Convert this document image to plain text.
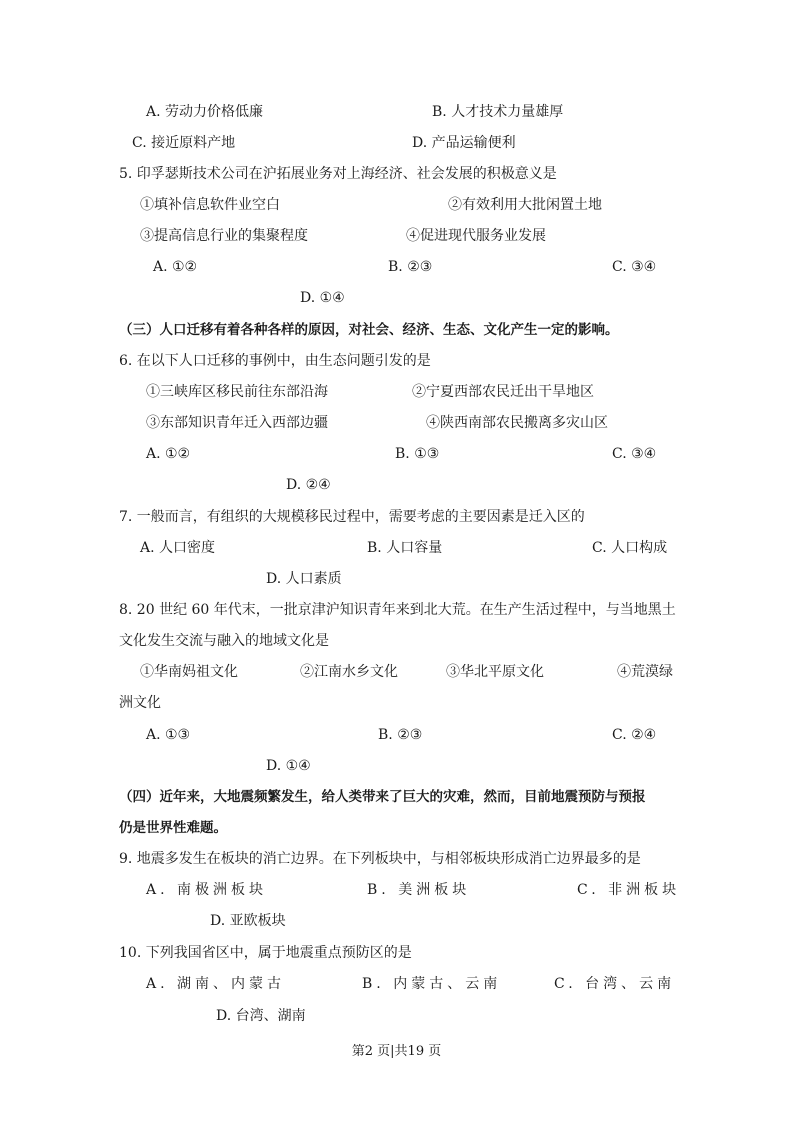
A. 劳动力价格低廉	B. 人才技术力量雄厚
C. 接近原料产地	D. 产品运输便利
5. 印孚瑟斯技术公司在沪拓展业务对上海经济、社会发展的积极意义是
①填补信息软件业空白	②有效利用大批闲置土地
③提高信息行业的集聚程度	④促进现代服务业发展
A. ①②	B. ②③	C. ③④
D. ①④
（三）人口迁移有着各种各样的原因，对社会、经济、生态、文化产生一定的影响。
6. 在以下人口迁移的事例中，由生态问题引发的是
①三峡库区移民前往东部沿海	②宁夏西部农民迁出干旱地区
③东部知识青年迁入西部边疆	④陕西南部农民搬离多灾山区
A. ①②	B. ①③	C. ③④
D. ②④
7. 一般而言，有组织的大规模移民过程中，需要考虑的主要因素是迁入区的
A. 人口密度	B. 人口容量	C. 人口构成
D. 人口素质
8. 20 世纪 60 年代末，一批京津沪知识青年来到北大荒。在生产生活过程中，与当地黑土
文化发生交流与融入的地域文化是
①华南妈祖文化	②江南水乡文化	③华北平原文化	④荒漠绿
洲文化
A. ①③	B. ②③	C. ②④
D. ①④
（四）近年来，大地震频繁发生，给人类带来了巨大的灾难，然而，目前地震预防与预报
仍是世界性难题。
9. 地震多发生在板块的消亡边界。在下列板块中，与相邻板块形成消亡边界最多的是
A. 南极洲板块	B. 美洲板块	C. 非洲板块
D. 亚欧板块
10. 下列我国省区中，属于地震重点预防区的是
A. 湖南、内蒙古	B. 内蒙古、云南	C. 台湾、云南
D. 台湾、湖南
第2 页|共19 页
